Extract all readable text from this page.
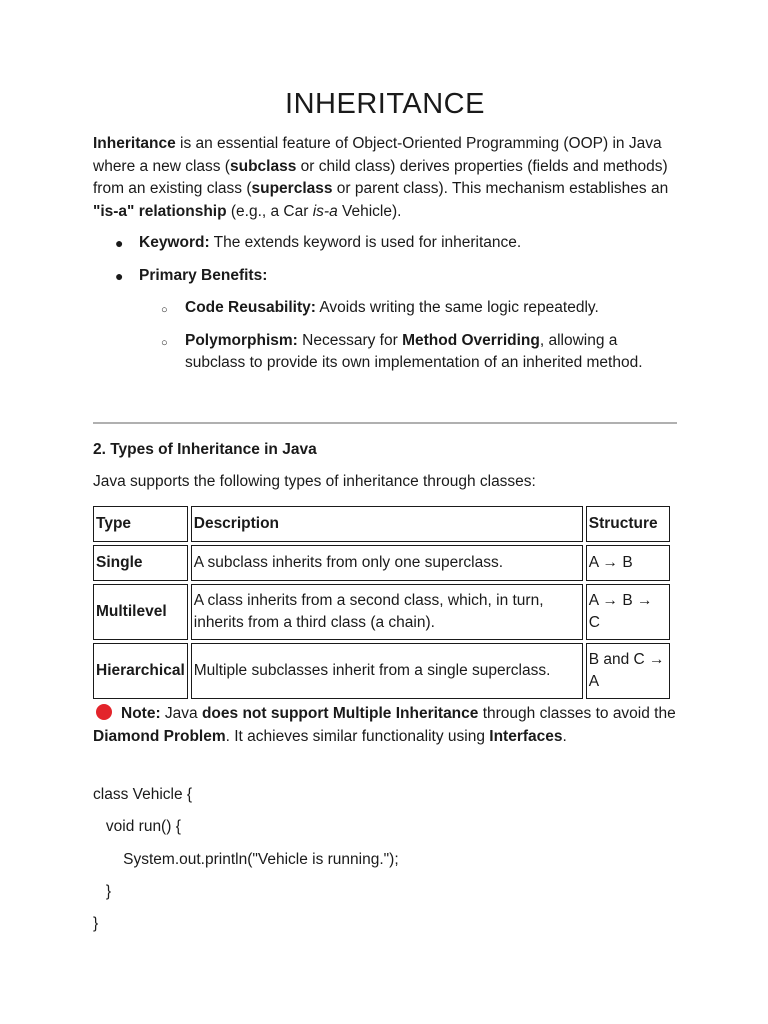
INHERITANCE

Inheritance is an essential feature of Object-Oriented Programming (OOP) in Java where a new class (subclass or child class) derives properties (fields and methods) from an existing class (superclass or parent class). This mechanism establishes an "is-a" relationship (e.g., a Car is-a Vehicle).

● Keyword: The extends keyword is used for inheritance.
● Primary Benefits:
○ Code Reusability: Avoids writing the same logic repeatedly.
○ Polymorphism: Necessary for Method Overriding, allowing a subclass to provide its own implementation of an inherited method.
2. Types of Inheritance in Java

Java supports the following types of inheritance through classes:

Type	Description	Structure
Single	A subclass inherits from only one superclass.	A → B
Multilevel	A class inherits from a second class, which, in turn, inherits from a third class (a chain).	A → B → C
Hierarchical	Multiple subclasses inherit from a single superclass.	B and C → A

Note: Java does not support Multiple Inheritance through classes to avoid the Diamond Problem. It achieves similar functionality using Interfaces.

class Vehicle {
void run() {
System.out.println("Vehicle is running.");
}
}
